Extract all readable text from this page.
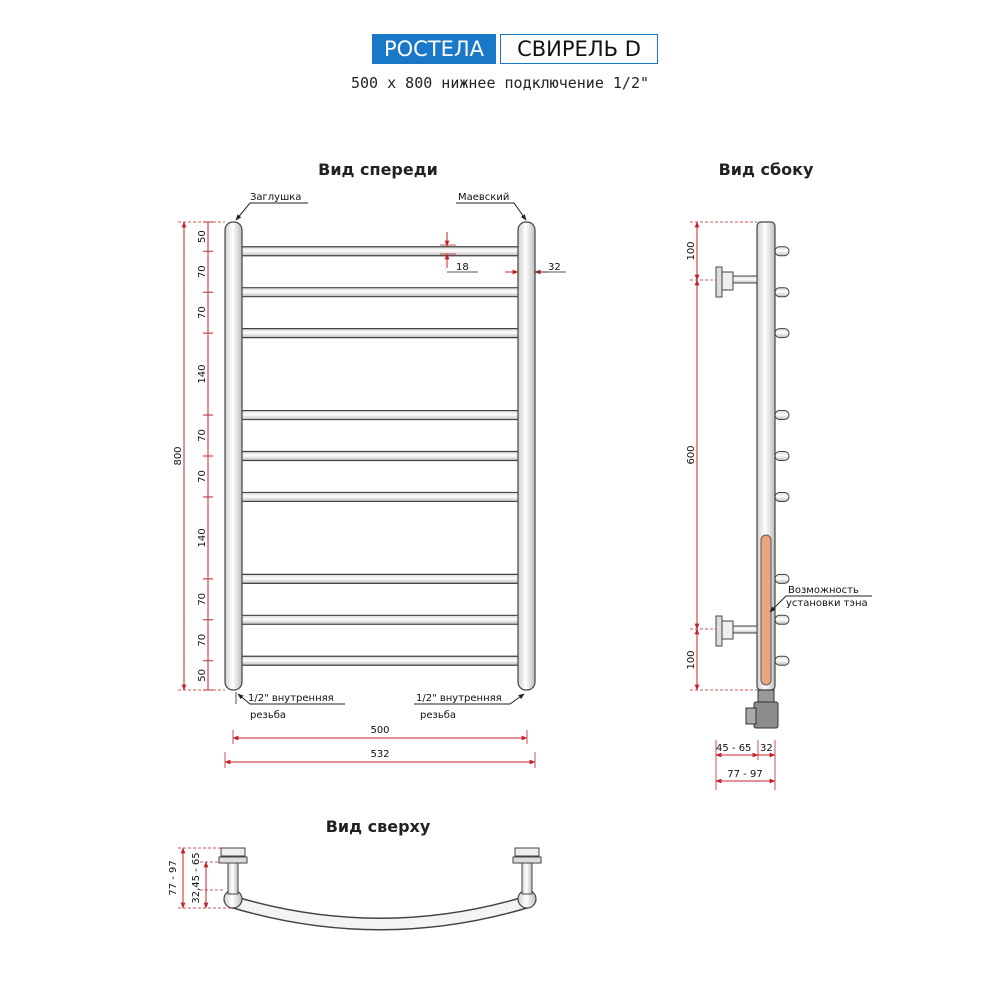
РОСТЕЛА	СВИРЕЛЬ D
500 х 800 нижнее подключение 1/2"
Вид спереди
Заглушка	Маевский
18	32
800
50
70
70
140
70
70
140
70
70
50
1/2" внутренняя
резьба
1/2" внутренняя
резьба
500
532
Вид сбоку
100
600
100
Возможность
установки тэна
45 - 65 32
77 - 97
Вид сверху
77 - 97 32,45 - 65
